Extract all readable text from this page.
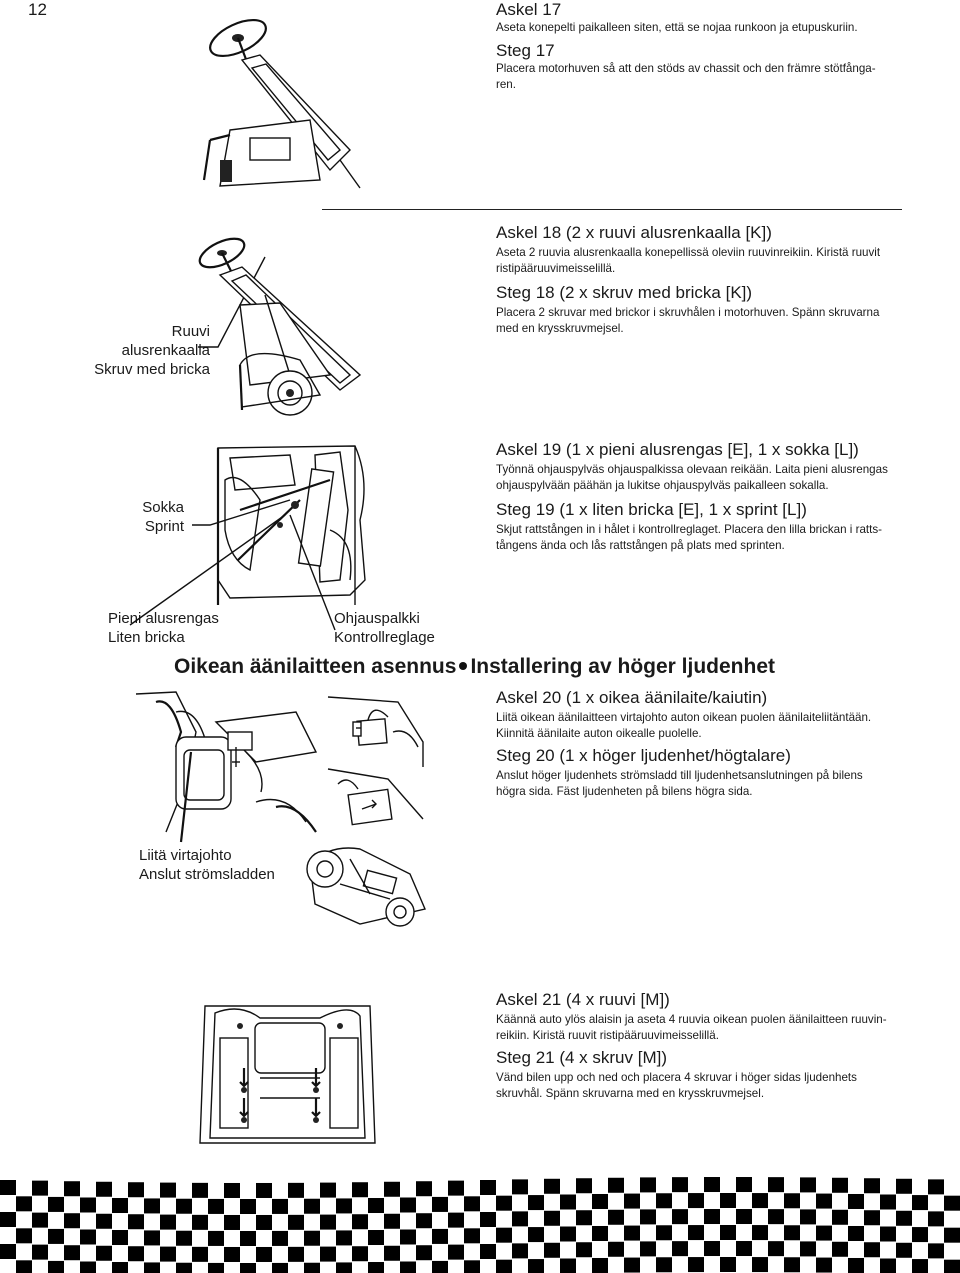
12	Askel 17
Aseta konepelti paikalleen siten, että se nojaa runkoon ja etupuskuriin.
Steg 17
Placera motorhuven så att den stöds av chassit och den främre stötfånga-
ren.
Askel 18 (2 x ruuvi alusrenkaalla [K])
Aseta 2 ruuvia alusrenkaalla konepellissä oleviin ruuvinreikiin. Kiristä ruuvit
ristipääruuvimeisselillä.
Steg 18 (2 x skruv med bricka [K])
Placera 2 skruvar med brickor i skruvhålen i motorhuven. Spänn skruvarna
med en krysskruvmejsel.
Ruuvi alusrenkaalla
Skruv med bricka
Askel 19 (1 x pieni alusrengas [E], 1 x sokka [L])
Työnnä ohjauspylväs ohjauspalkissa olevaan reikään. Laita pieni alusrengas
ohjauspylvään päähän ja lukitse ohjauspylväs paikalleen sokalla.
Steg 19 (1 x liten bricka [E], 1 x sprint [L])
Skjut rattstången in i hålet i kontrollreglaget. Placera den lilla brickan i ratts-
tångens ända och lås rattstången på plats med sprinten.
Sokka
Sprint
Pieni alusrengas
Liten bricka
Ohjauspalkki
Kontrollreglage
Oikean äänilaitteen asennus Installering av höger ljudenhet
Askel 20 (1 x oikea äänilaite/kaiutin)
Liitä oikean äänilaitteen virtajohto auton oikean puolen äänilaiteliitäntään.
Kiinnitä äänilaite auton oikealle puolelle.
Steg 20 (1 x höger ljudenhet/högtalare)
Anslut höger ljudenhets strömsladd till ljudenhetsanslutningen på bilens
högra sida. Fäst ljudenheten på bilens högra sida.
Liitä virtajohto
Anslut strömsladden
Askel 21 (4 x ruuvi [M])
Käännä auto ylös alaisin ja aseta 4 ruuvia oikean puolen äänilaitteen ruuvin-
reikiin. Kiristä ruuvit ristipääruuvimeisselillä.
Steg 21 (4 x skruv [M])
Vänd bilen upp och ned och placera 4 skruvar i höger sidas ljudenhets
skruvhål. Spänn skruvarna med en krysskruvmejsel.
